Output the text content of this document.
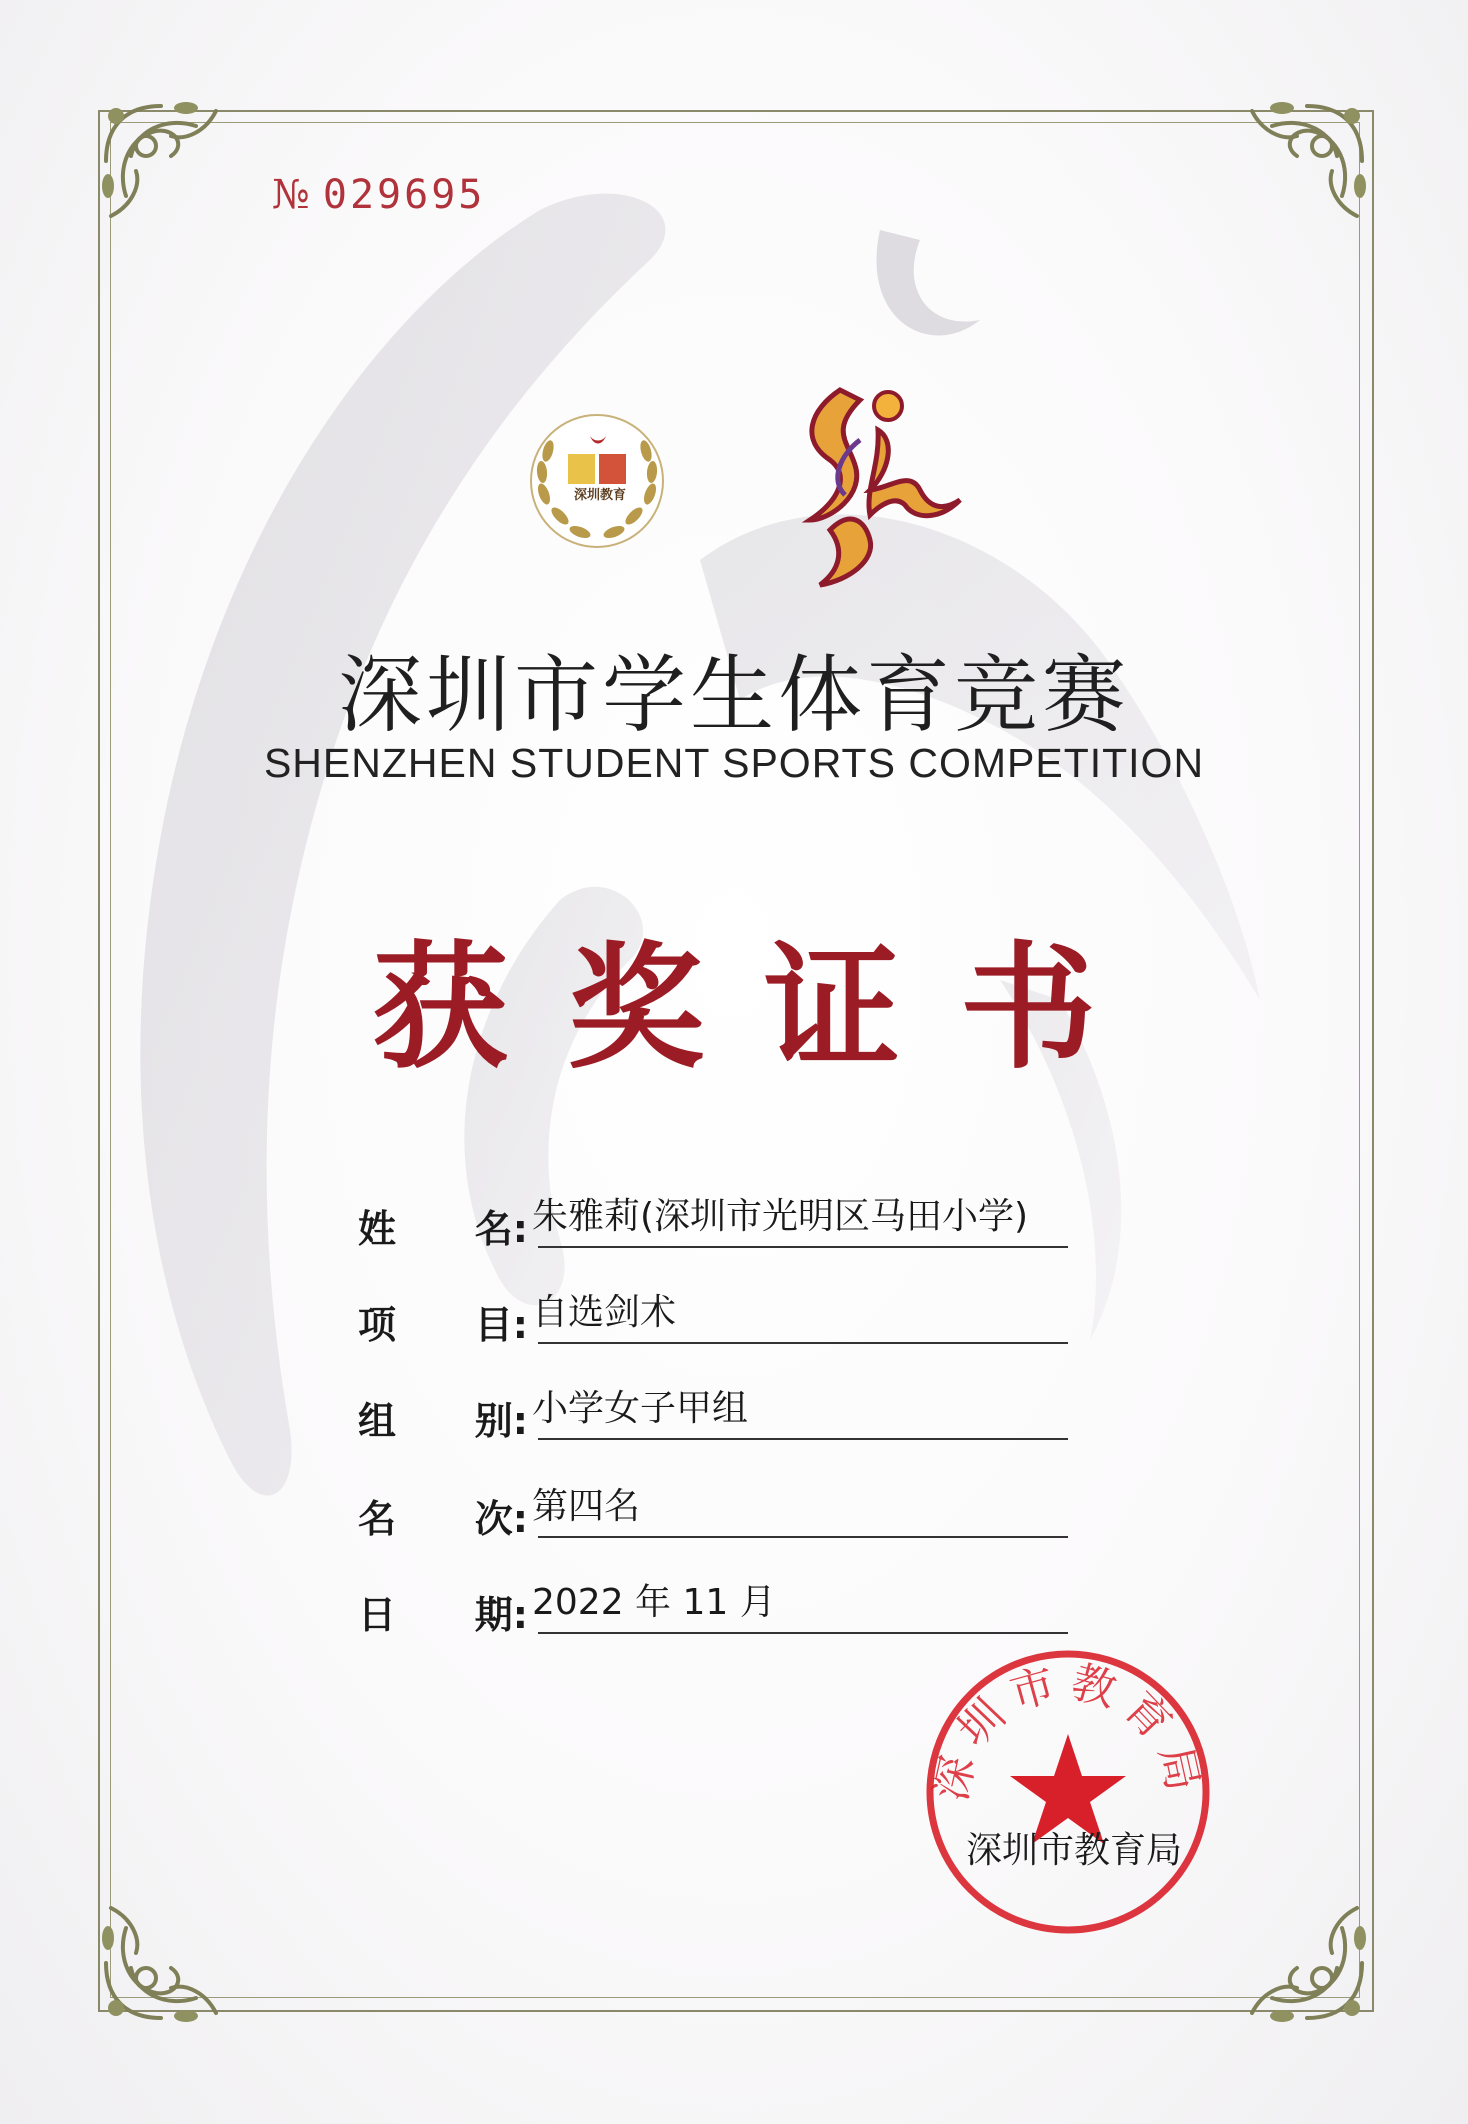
№ 029695
深圳教育
深圳市学生体育竞赛
SHENZHEN STUDENT SPORTS COMPETITION
获奖证书
姓 名: 朱雅莉(深圳市光明区马田小学)
项 目: 自选剑术
组 别: 小学女子甲组
名 次: 第四名
日 期: 2022 年 11 月
深圳市教育局
深圳市教育局
